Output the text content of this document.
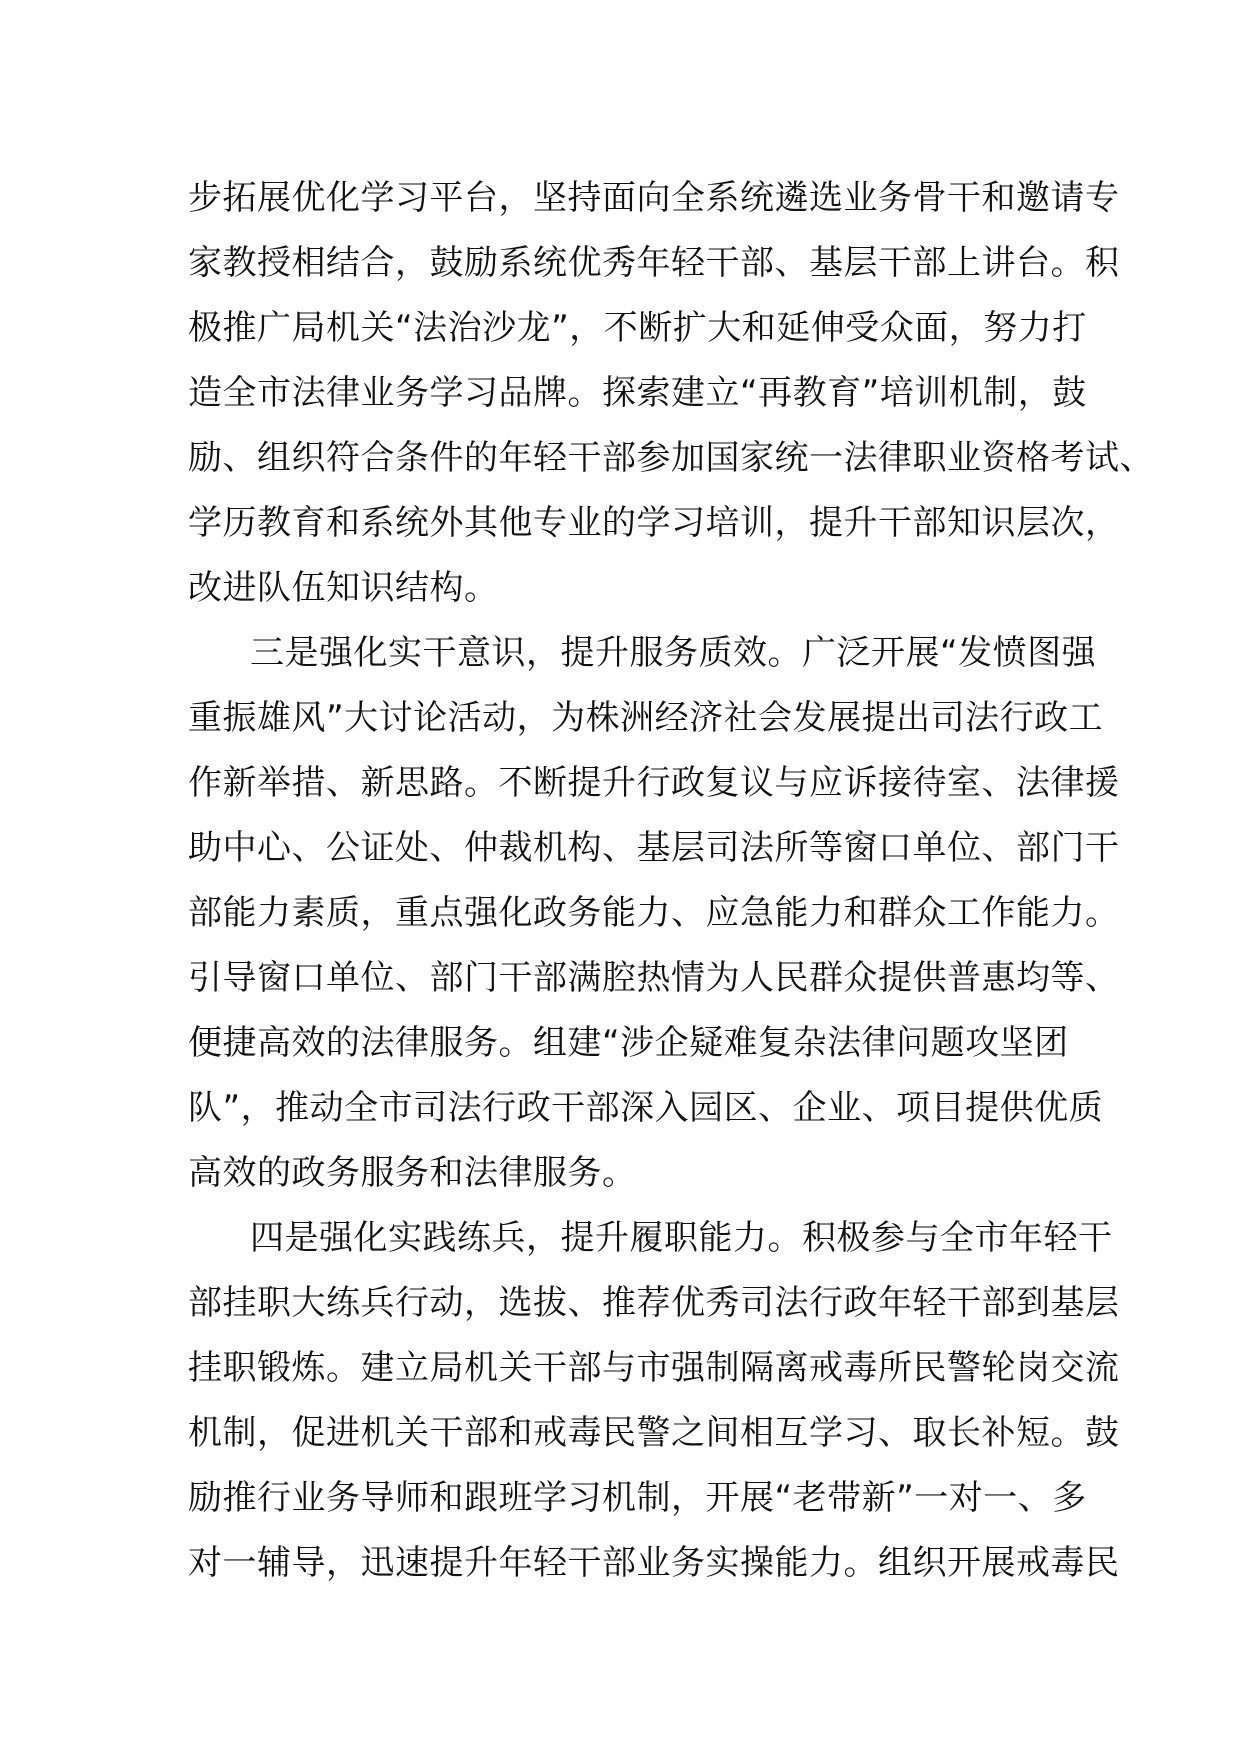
步拓展优化学习平台，坚持面向全系统遴选业务骨干和邀请专
家教授相结合，鼓励系统优秀年轻干部、基层干部上讲台。积
极推广局机关“法治沙龙”，不断扩大和延伸受众面，努力打
造全市法律业务学习品牌。探索建立“再教育”培训机制，鼓
励、组织符合条件的年轻干部参加国家统一法律职业资格考试、
学历教育和系统外其他专业的学习培训，提升干部知识层次，
改进队伍知识结构。
三是强化实干意识，提升服务质效。广泛开展“发愤图强
重振雄风”大讨论活动，为株洲经济社会发展提出司法行政工
作新举措、新思路。不断提升行政复议与应诉接待室、法律援
助中心、公证处、仲裁机构、基层司法所等窗口单位、部门干
部能力素质，重点强化政务能力、应急能力和群众工作能力。
引导窗口单位、部门干部满腔热情为人民群众提供普惠均等、
便捷高效的法律服务。组建“涉企疑难复杂法律问题攻坚团
队”，推动全市司法行政干部深入园区、企业、项目提供优质
高效的政务服务和法律服务。
四是强化实践练兵，提升履职能力。积极参与全市年轻干
部挂职大练兵行动，选拔、推荐优秀司法行政年轻干部到基层
挂职锻炼。建立局机关干部与市强制隔离戒毒所民警轮岗交流
机制，促进机关干部和戒毒民警之间相互学习、取长补短。鼓
励推行业务导师和跟班学习机制，开展“老带新”一对一、多
对一辅导，迅速提升年轻干部业务实操能力。组织开展戒毒民
